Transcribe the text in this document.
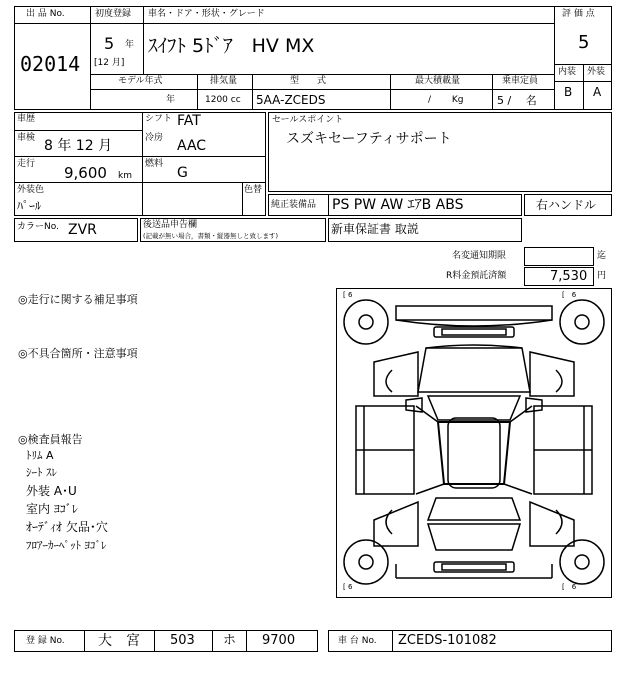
出 品 No.
02014
初度登録
5 年
[12 月]
車名・ドア・形状・グレード
ｽｲﾌﾄ 5ﾄﾞｱ　HV MX
評 価 点
5
内装 外装
B A
モデル年式
年
排気量
1200 cc
型　　式
5AA-ZCEDS
最大積載量
/　　 Kg
乗車定員
5 /　 名
車歴	シフト FAT
車検 8 年 12 月	冷房 AAC
走行 9,600 km
燃料
G
外装色
ﾊﾟｰﾙ
色替
カラーNo. ZVR	後送品申告欄
(記載が無い場合，書類・縦器無しと致します)
セールスポイント
スズキセーフティサポート
純正装備品 PS PW AW ｴｱB ABS	右ハンドル
新車保証書 取説
名変通知期限	迄
R料金預託済額	7,530 円
◎走行に関する補足事項
◎不具合箇所・注意事項
◎検査員報告
ﾄﾘﾑ A
ｼｰﾄ ｽﾚ
外装 A･U
室内 ﾖｺﾞﾚ
ｵｰﾃﾞｨｵ 欠品･穴
ﾌﾛｱｰｶｰﾍﾟｯﾄ ﾖｺﾞﾚ
[ 6	[　6
[ 6	[　6
登 録 No. 大　宮 503 ホ 9700	車 台 No. ZCEDS-101082
